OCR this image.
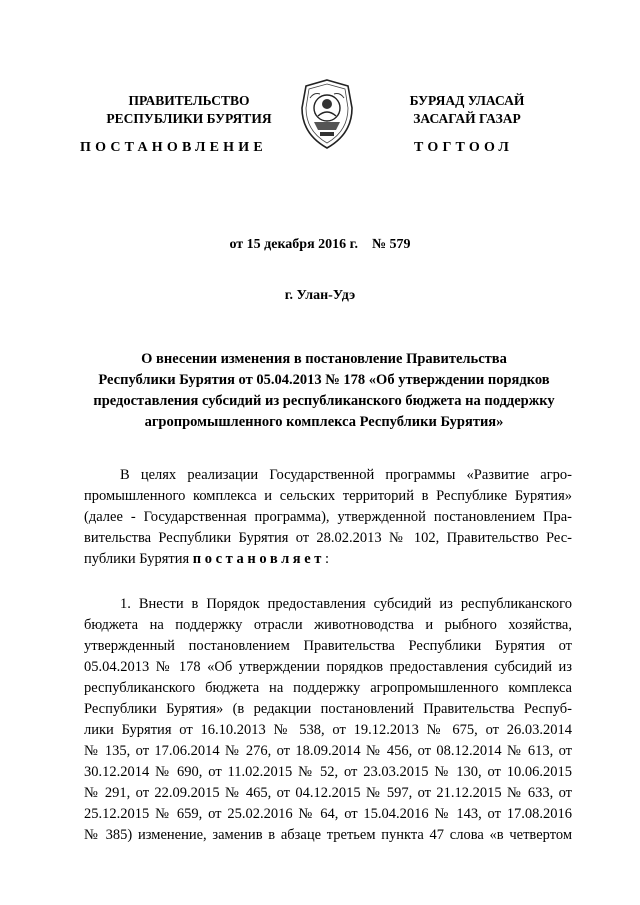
ПРАВИТЕЛЬСТВО
РЕСПУБЛИКИ БУРЯТИЯ
БУРЯАД УЛАСАЙ
ЗАСАГАЙ ГАЗАР
ПОСТАНОВЛЕНИЕ	ТОГТООЛ
от 15 декабря 2016 г. № 579
г. Улан-Удэ
О внесении изменения в постановление Правительства
Республики Бурятия от 05.04.2013 № 178 «Об утверждении порядков
предоставления субсидий из республиканского бюджета на поддержку
агропромышленного комплекса Республики Бурятия»
В целях реализации Государственной программы «Развитие агро-
промышленного комплекса и сельских территорий в Республике Бурятия»
(далее - Государственная программа), утвержденной постановлением Пра-
вительства Республики Бурятия от 28.02.2013 № 102, Правительство Рес-
публики Бурятия постановляет:
1. Внести в Порядок предоставления субсидий из республиканского
бюджета на поддержку отрасли животноводства и рыбного хозяйства,
утвержденный постановлением Правительства Республики Бурятия от
05.04.2013 № 178 «Об утверждении порядков предоставления субсидий из
республиканского бюджета на поддержку агропромышленного комплекса
Республики Бурятия» (в редакции постановлений Правительства Респуб-
лики Бурятия от 16.10.2013 № 538, от 19.12.2013 № 675, от 26.03.2014
№ 135, от 17.06.2014 № 276, от 18.09.2014 № 456, от 08.12.2014 № 613, от
30.12.2014 № 690, от 11.02.2015 № 52, от 23.03.2015 № 130, от 10.06.2015
№ 291, от 22.09.2015 № 465, от 04.12.2015 № 597, от 21.12.2015 № 633, от
25.12.2015 № 659, от 25.02.2016 № 64, от 15.04.2016 № 143, от 17.08.2016
№ 385) изменение, заменив в абзаце третьем пункта 47 слова «в четвертом
